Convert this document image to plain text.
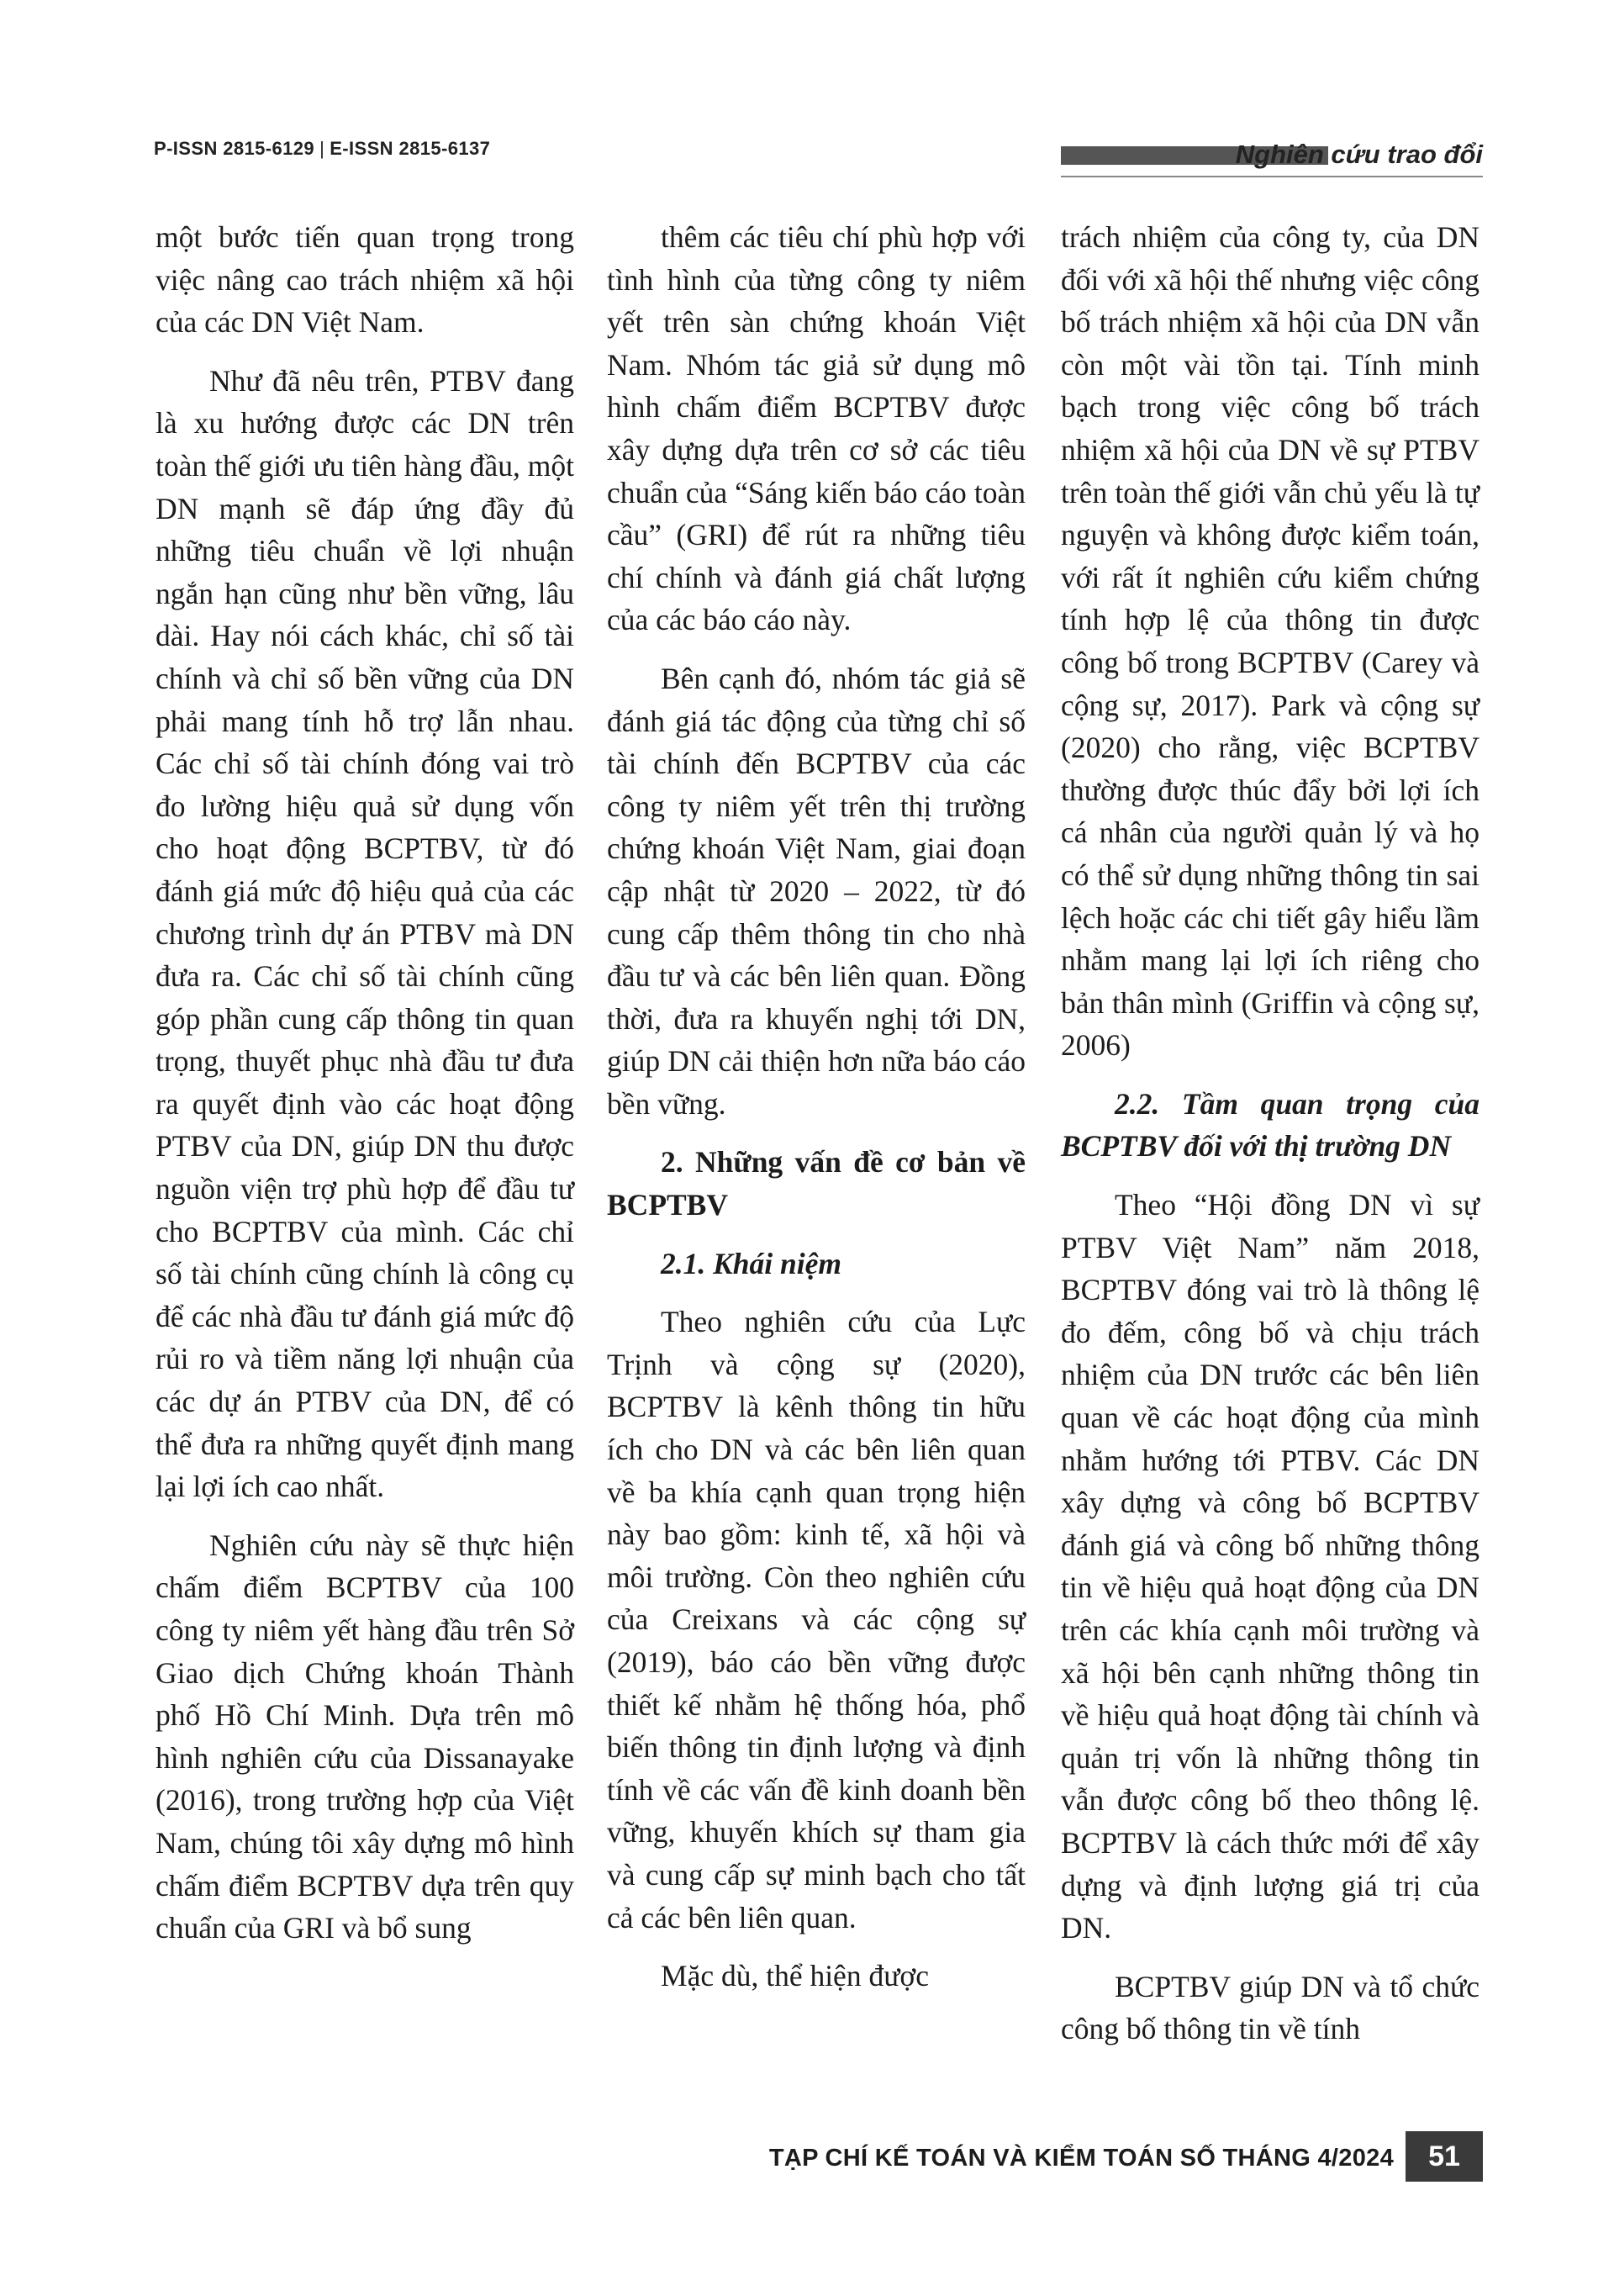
P-ISSN 2815-6129 | E-ISSN 2815-6137	Nghiên cứu trao đổi

một bước tiến quan trọng trong việc nâng cao trách nhiệm xã hội của các DN Việt Nam.

Như đã nêu trên, PTBV đang là xu hướng được các DN trên toàn thế giới ưu tiên hàng đầu, một DN mạnh sẽ đáp ứng đầy đủ những tiêu chuẩn về lợi nhuận ngắn hạn cũng như bền vững, lâu dài. Hay nói cách khác, chỉ số tài chính và chỉ số bền vững của DN phải mang tính hỗ trợ lẫn nhau. Các chỉ số tài chính đóng vai trò đo lường hiệu quả sử dụng vốn cho hoạt động BCPTBV, từ đó đánh giá mức độ hiệu quả của các chương trình dự án PTBV mà DN đưa ra. Các chỉ số tài chính cũng góp phần cung cấp thông tin quan trọng, thuyết phục nhà đầu tư đưa ra quyết định vào các hoạt động PTBV của DN, giúp DN thu được nguồn viện trợ phù hợp để đầu tư cho BCPTBV của mình. Các chỉ số tài chính cũng chính là công cụ để các nhà đầu tư đánh giá mức độ rủi ro và tiềm năng lợi nhuận của các dự án PTBV của DN, để có thể đưa ra những quyết định mang lại lợi ích cao nhất.

Nghiên cứu này sẽ thực hiện chấm điểm BCPTBV của 100 công ty niêm yết hàng đầu trên Sở Giao dịch Chứng khoán Thành phố Hồ Chí Minh. Dựa trên mô hình nghiên cứu của Dissanayake (2016), trong trường hợp của Việt Nam, chúng tôi xây dựng mô hình chấm điểm BCPTBV dựa trên quy chuẩn của GRI và bổ sung

thêm các tiêu chí phù hợp với tình hình của từng công ty niêm yết trên sàn chứng khoán Việt Nam. Nhóm tác giả sử dụng mô hình chấm điểm BCPTBV được xây dựng dựa trên cơ sở các tiêu chuẩn của “Sáng kiến báo cáo toàn cầu” (GRI) để rút ra những tiêu chí chính và đánh giá chất lượng của các báo cáo này.

Bên cạnh đó, nhóm tác giả sẽ đánh giá tác động của từng chỉ số tài chính đến BCPTBV của các công ty niêm yết trên thị trường chứng khoán Việt Nam, giai đoạn cập nhật từ 2020 – 2022, từ đó cung cấp thêm thông tin cho nhà đầu tư và các bên liên quan. Đồng thời, đưa ra khuyến nghị tới DN, giúp DN cải thiện hơn nữa báo cáo bền vững.

2. Những vấn đề cơ bản về BCPTBV

2.1. Khái niệm

Theo nghiên cứu của Lực Trịnh và cộng sự (2020), BCPTBV là kênh thông tin hữu ích cho DN và các bên liên quan về ba khía cạnh quan trọng hiện này bao gồm: kinh tế, xã hội và môi trường. Còn theo nghiên cứu của Creixans và các cộng sự (2019), báo cáo bền vững được thiết kế nhằm hệ thống hóa, phổ biến thông tin định lượng và định tính về các vấn đề kinh doanh bền vững, khuyến khích sự tham gia và cung cấp sự minh bạch cho tất cả các bên liên quan.

Mặc dù, thể hiện được

trách nhiệm của công ty, của DN đối với xã hội thế nhưng việc công bố trách nhiệm xã hội của DN vẫn còn một vài tồn tại. Tính minh bạch trong việc công bố trách nhiệm xã hội của DN về sự PTBV trên toàn thế giới vẫn chủ yếu là tự nguyện và không được kiểm toán, với rất ít nghiên cứu kiểm chứng tính hợp lệ của thông tin được công bố trong BCPTBV (Carey và cộng sự, 2017). Park và cộng sự (2020) cho rằng, việc BCPTBV thường được thúc đẩy bởi lợi ích cá nhân của người quản lý và họ có thể sử dụng những thông tin sai lệch hoặc các chi tiết gây hiểu lầm nhằm mang lại lợi ích riêng cho bản thân mình (Griffin và cộng sự, 2006)

2.2. Tầm quan trọng của BCPTBV đối với thị trường DN

Theo “Hội đồng DN vì sự PTBV Việt Nam” năm 2018, BCPTBV đóng vai trò là thông lệ đo đếm, công bố và chịu trách nhiệm của DN trước các bên liên quan về các hoạt động của mình nhằm hướng tới PTBV. Các DN xây dựng và công bố BCPTBV đánh giá và công bố những thông tin về hiệu quả hoạt động của DN trên các khía cạnh môi trường và xã hội bên cạnh những thông tin về hiệu quả hoạt động tài chính và quản trị vốn là những thông tin vẫn được công bố theo thông lệ. BCPTBV là cách thức mới để xây dựng và định lượng giá trị của DN.

BCPTBV giúp DN và tổ chức công bố thông tin về tính

TẠP CHÍ KẾ TOÁN VÀ KIỂM TOÁN SỐ THÁNG 4/2024	51
